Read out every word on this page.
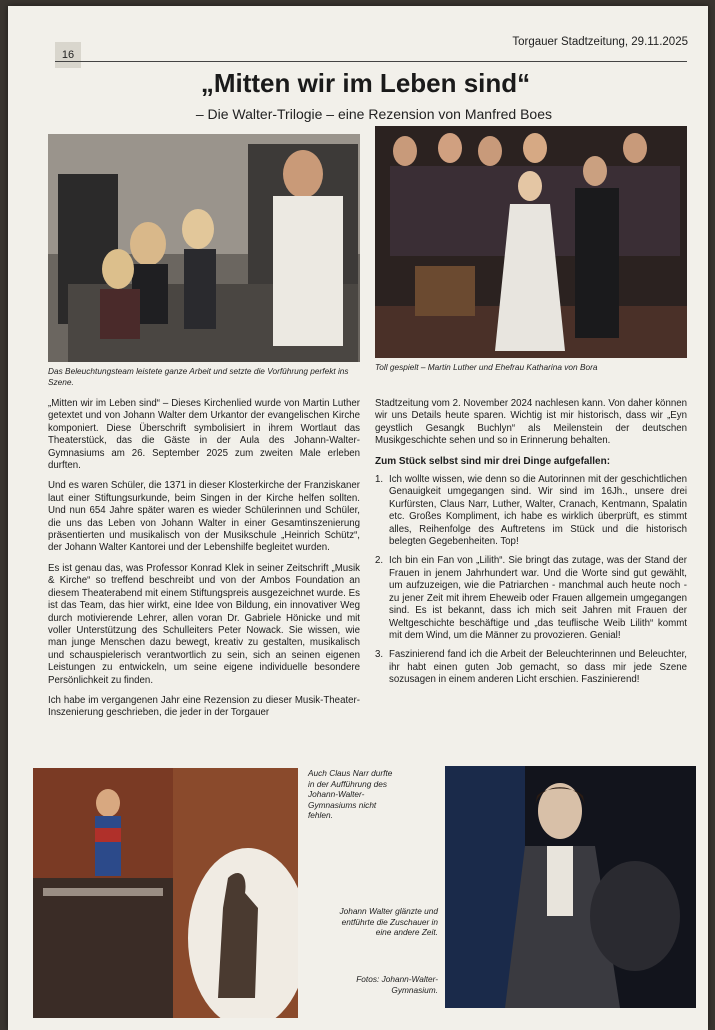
16
Torgauer Stadtzeitung, 29.11.2025
„Mitten wir im Leben sind“
– Die Walter-Trilogie – eine Rezension von Manfred Boes
Das Beleuchtungsteam leistete ganze Arbeit und setzte die Vorführung perfekt ins Szene.
Toll gespielt – Martin Luther und Ehefrau Katharina von Bora

„Mitten wir im Leben sind“ – Dieses Kirchenlied wurde von Martin Luther getextet und von Johann Walter dem Urkantor der evangelischen Kirche komponiert. Diese Überschrift symbolisiert in ihrem Wortlaut das Theaterstück, das die Gäste in der Aula des Johann-Walter-Gymnasiums am 26. September 2025 zum zweiten Male erleben durften.

Und es waren Schüler, die 1371 in dieser Klosterkirche der Franziskaner laut einer Stiftungsurkunde, beim Singen in der Kirche helfen sollten. Und nun 654 Jahre später waren es wieder Schülerinnen und Schüler, die uns das Leben von Johann Walter in einer Gesamtinszenierung präsentierten und musikalisch von der Musikschule „Heinrich Schütz“, der Johann Walter Kantorei und der Lebenshilfe begleitet wurden.

Es ist genau das, was Professor Konrad Klek in seiner Zeitschrift „Musik & Kirche“ so treffend beschreibt und von der Ambos Foundation an diesem Theaterabend mit einem Stiftungspreis ausgezeichnet wurde. Es ist das Team, das hier wirkt, eine Idee von Bildung, ein innovativer Weg durch motivierende Lehrer, allen voran Dr. Gabriele Hönicke und mit voller Unterstützung des Schulleiters Peter Nowack. Sie wissen, wie man junge Menschen dazu bewegt, kreativ zu gestalten, musikalisch und schauspielerisch verantwortlich zu sein, sich an seinen eigenen Leistungen zu entwickeln, um seine eigene individuelle besondere Persönlichkeit zu finden.

Ich habe im vergangenen Jahr eine Rezension zu dieser Musik-Theater-Inszenierung geschrieben, die jeder in der Torgauer

Stadtzeitung vom 2. November 2024 nachlesen kann. Von daher können wir uns Details heute sparen. Wichtig ist mir historisch, dass wir „Eyn geystlich Gesangk Buchlyn“ als Meilenstein der deutschen Musikgeschichte sehen und so in Erinnerung behalten.

Zum Stück selbst sind mir drei Dinge aufgefallen:
1. Ich wollte wissen, wie denn so die Autorinnen mit der geschichtlichen Genauigkeit umgegangen sind. Wir sind im 16Jh., unsere drei Kurfürsten, Claus Narr, Luther, Walter, Cranach, Kentmann, Spalatin etc. Großes Kompliment, ich habe es wirklich überprüft, es stimmt alles, Reihenfolge des Auftretens im Stück und die historisch belegten Gegebenheiten. Top!
2. Ich bin ein Fan von „Lilith“. Sie bringt das zutage, was der Stand der Frauen in jenem Jahrhundert war. Und die Worte sind gut gewählt, um aufzuzeigen, wie die Patriarchen - manchmal auch heute noch - zu jener Zeit mit ihrem Eheweib oder Frauen allgemein umgegangen sind. Es ist bekannt, dass ich mich seit Jahren mit Frauen der Weltgeschichte beschäftige und „das teuflische Weib Lilith“ kommt mit dem Wind, um die Männer zu provozieren. Genial!
3. Faszinierend fand ich die Arbeit der Beleuchterinnen und Beleuchter, ihr habt einen guten Job gemacht, so dass mir jede Szene sozusagen in einem anderen Licht erschien. Faszinierend!
Auch Claus Narr durfte in der Aufführung des Johann-Walter-Gymnasiums nicht fehlen.
Johann Walter glänzte und entführte die Zuschauer in eine andere Zeit.
Fotos: Johann-Walter-Gymnasium.
